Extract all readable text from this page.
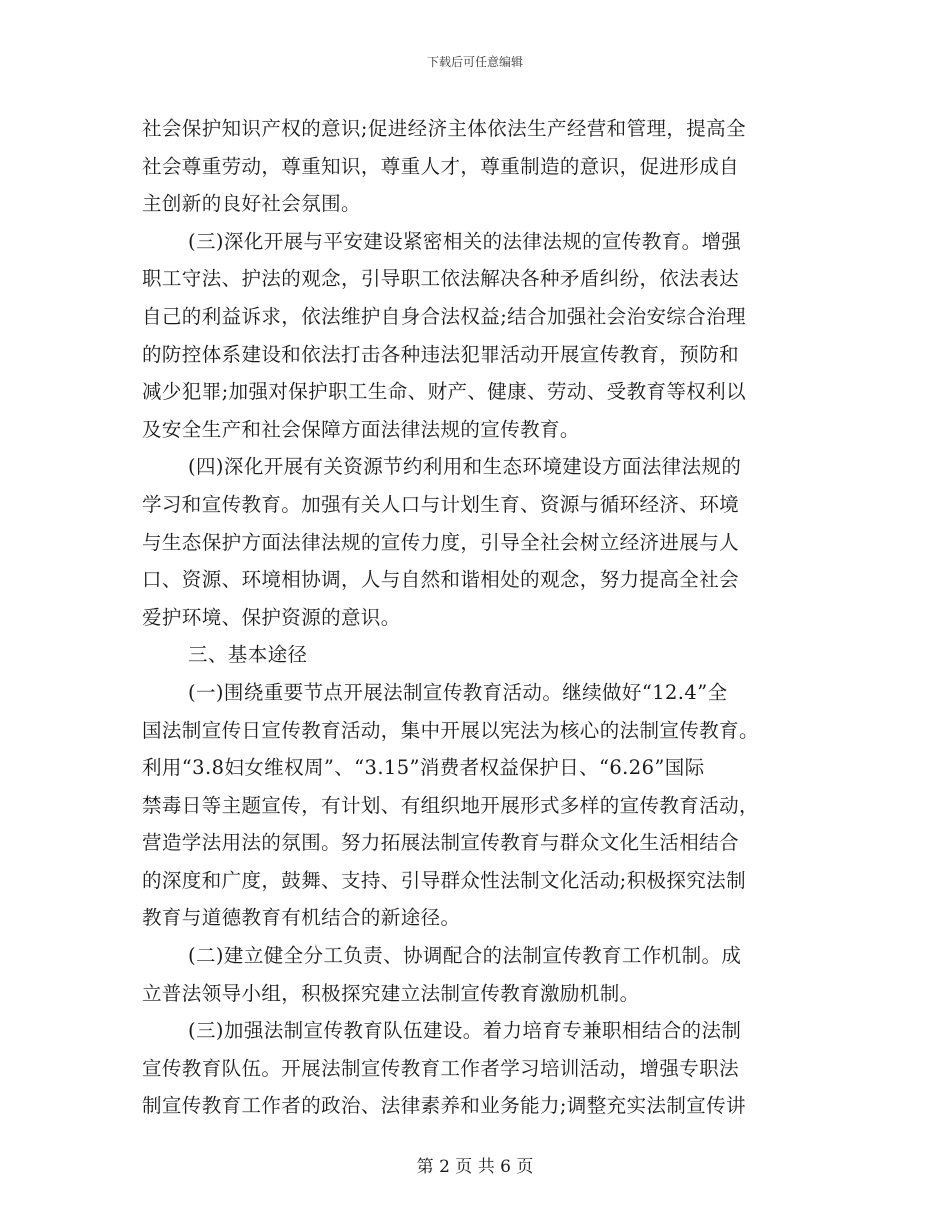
下载后可任意编辑
社会保护知识产权的意识;促进经济主体依法生产经营和管理，提高全
社会尊重劳动，尊重知识，尊重人才，尊重制造的意识，促进形成自
主创新的良好社会氛围。
(三)深化开展与平安建设紧密相关的法律法规的宣传教育。增强
职工守法、护法的观念，引导职工依法解决各种矛盾纠纷，依法表达
自己的利益诉求，依法维护自身合法权益;结合加强社会治安综合治理
的防控体系建设和依法打击各种违法犯罪活动开展宣传教育，预防和
减少犯罪;加强对保护职工生命、财产、健康、劳动、受教育等权利以
及安全生产和社会保障方面法律法规的宣传教育。
(四)深化开展有关资源节约利用和生态环境建设方面法律法规的
学习和宣传教育。加强有关人口与计划生育、资源与循环经济、环境
与生态保护方面法律法规的宣传力度，引导全社会树立经济进展与人
口、资源、环境相协调，人与自然和谐相处的观念，努力提高全社会
爱护环境、保护资源的意识。
三、基本途径
(一)围绕重要节点开展法制宣传教育活动。继续做好“12.4”全
国法制宣传日宣传教育活动，集中开展以宪法为核心的法制宣传教育。
利用“3.8妇女维权周”、“3.15”消费者权益保护日、“6.26”国际
禁毒日等主题宣传，有计划、有组织地开展形式多样的宣传教育活动，
营造学法用法的氛围。努力拓展法制宣传教育与群众文化生活相结合
的深度和广度，鼓舞、支持、引导群众性法制文化活动;积极探究法制
教育与道德教育有机结合的新途径。
(二)建立健全分工负责、协调配合的法制宣传教育工作机制。成
立普法领导小组，积极探究建立法制宣传教育激励机制。
(三)加强法制宣传教育队伍建设。着力培育专兼职相结合的法制
宣传教育队伍。开展法制宣传教育工作者学习培训活动，增强专职法
制宣传教育工作者的政治、法律素养和业务能力;调整充实法制宣传讲
第 2 页 共 6 页
